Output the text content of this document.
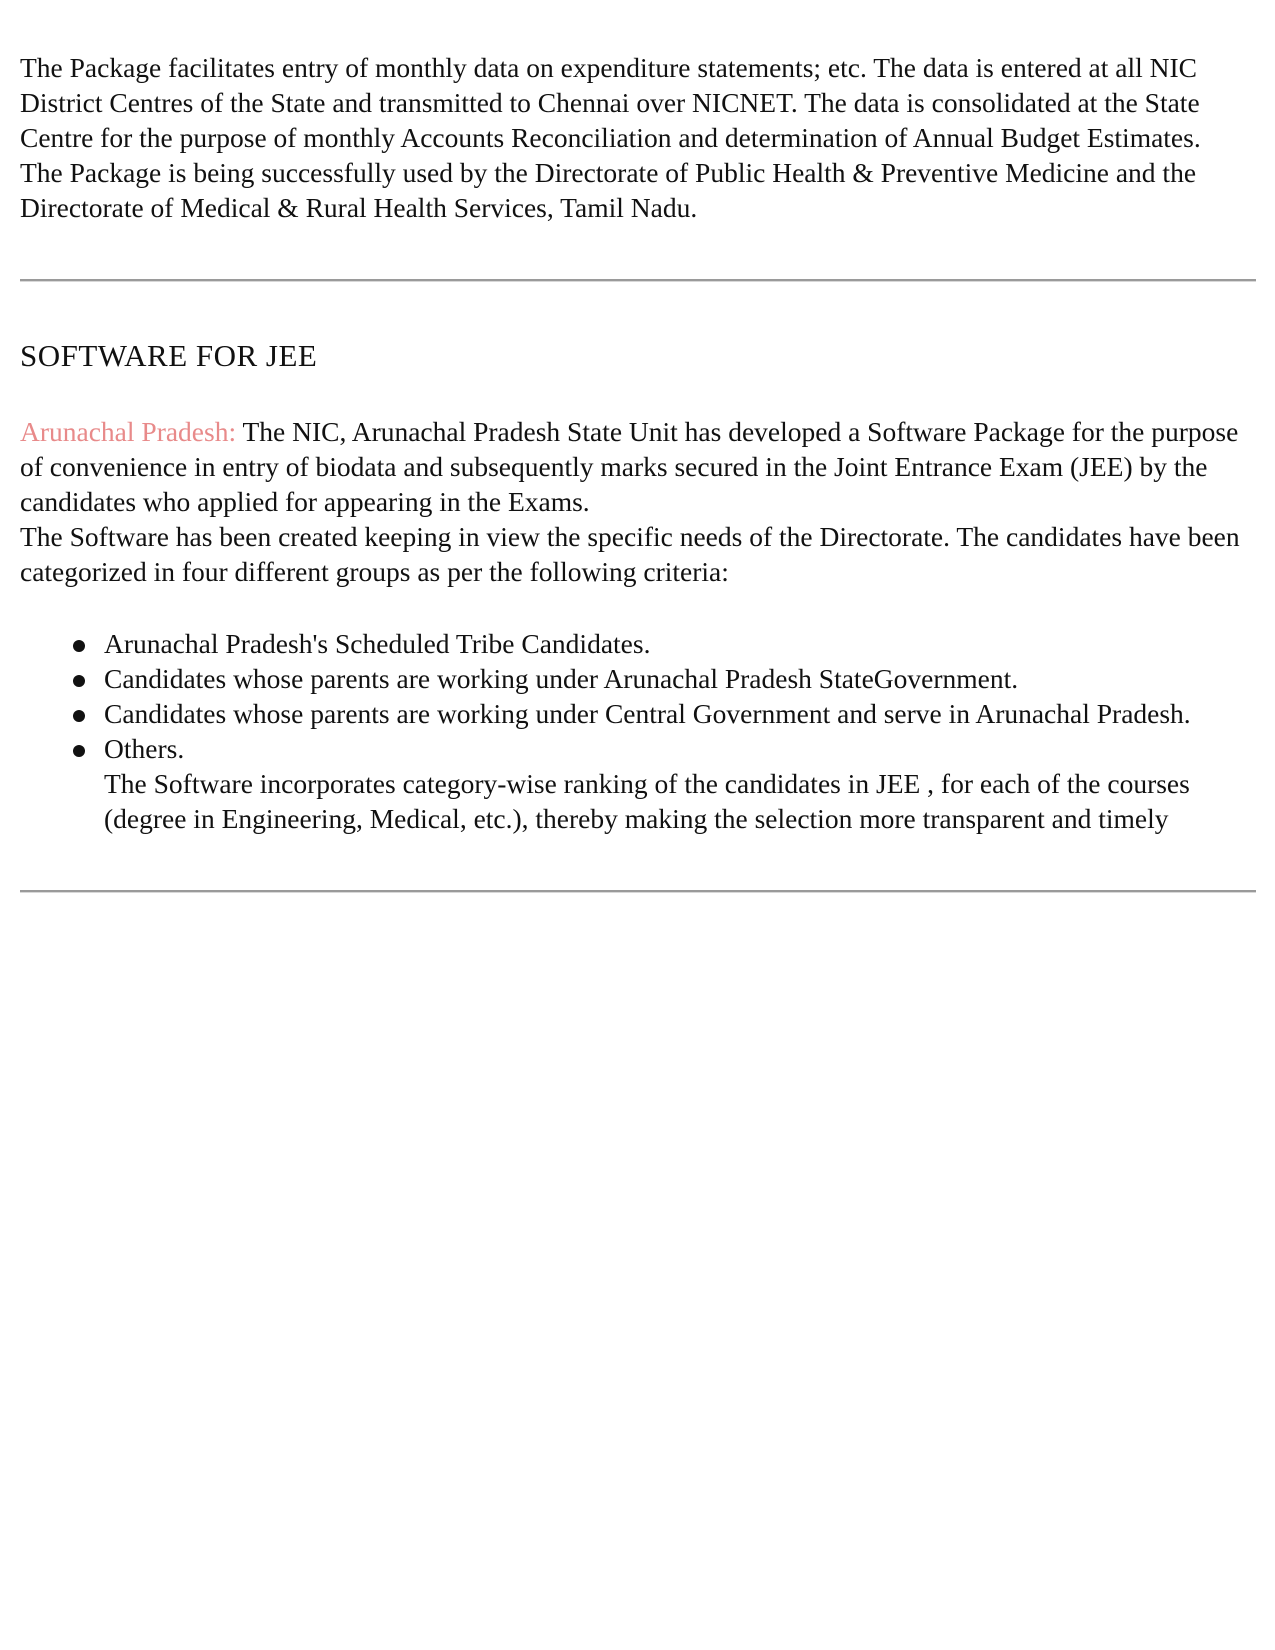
The Package facilitates entry of monthly data on expenditure statements; etc. The data is entered at all NIC District Centres of the State and transmitted to Chennai over NICNET. The data is consolidated at the State Centre for the purpose of monthly Accounts Reconciliation and determination of Annual Budget Estimates.

The Package is being successfully used by the Directorate of Public Health & Preventive Medicine and the Directorate of Medical & Rural Health Services, Tamil Nadu.

SOFTWARE FOR JEE

Arunachal Pradesh: The NIC, Arunachal Pradesh State Unit has developed a Software Package for the purpose of convenience in entry of biodata and subsequently marks secured in the Joint Entrance Exam (JEE) by the candidates who applied for appearing in the Exams.

The Software has been created keeping in view the specific needs of the Directorate. The candidates have been categorized in four different groups as per the following criteria:

Arunachal Pradesh's Scheduled Tribe Candidates.
Candidates whose parents are working under Arunachal Pradesh StateGovernment.
Candidates whose parents are working under Central Government and serve in Arunachal Pradesh.
Others.
The Software incorporates category-wise ranking of the candidates in JEE , for each of the courses (degree in Engineering, Medical, etc.), thereby making the selection more transparent and timely
